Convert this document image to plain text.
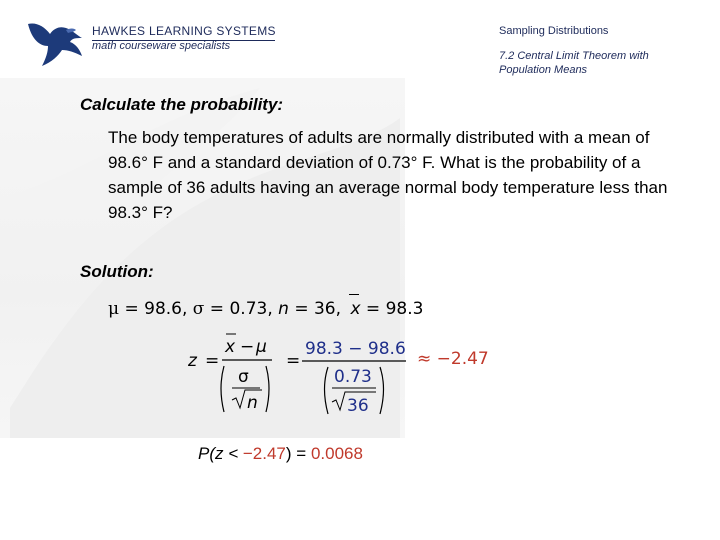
HAWKES LEARNING SYSTEMS
math courseware specialists
Sampling Distributions
7.2 Central Limit Theorem with Population Means
Calculate the probability:
The body temperatures of adults are normally distributed with a mean of 98.6° F and a standard deviation of 0.73° F. What is the probability of a sample of 36 adults having an average normal body temperature less than 98.3° F?
Solution:
μ = 98.6, σ = 0.73, n = 36,
x = 98.3
z =
x − μ
σ
n
=
98.3 − 98.6
0.73
36
≈ −2.47
P(z < −2.47) = 0.0068
